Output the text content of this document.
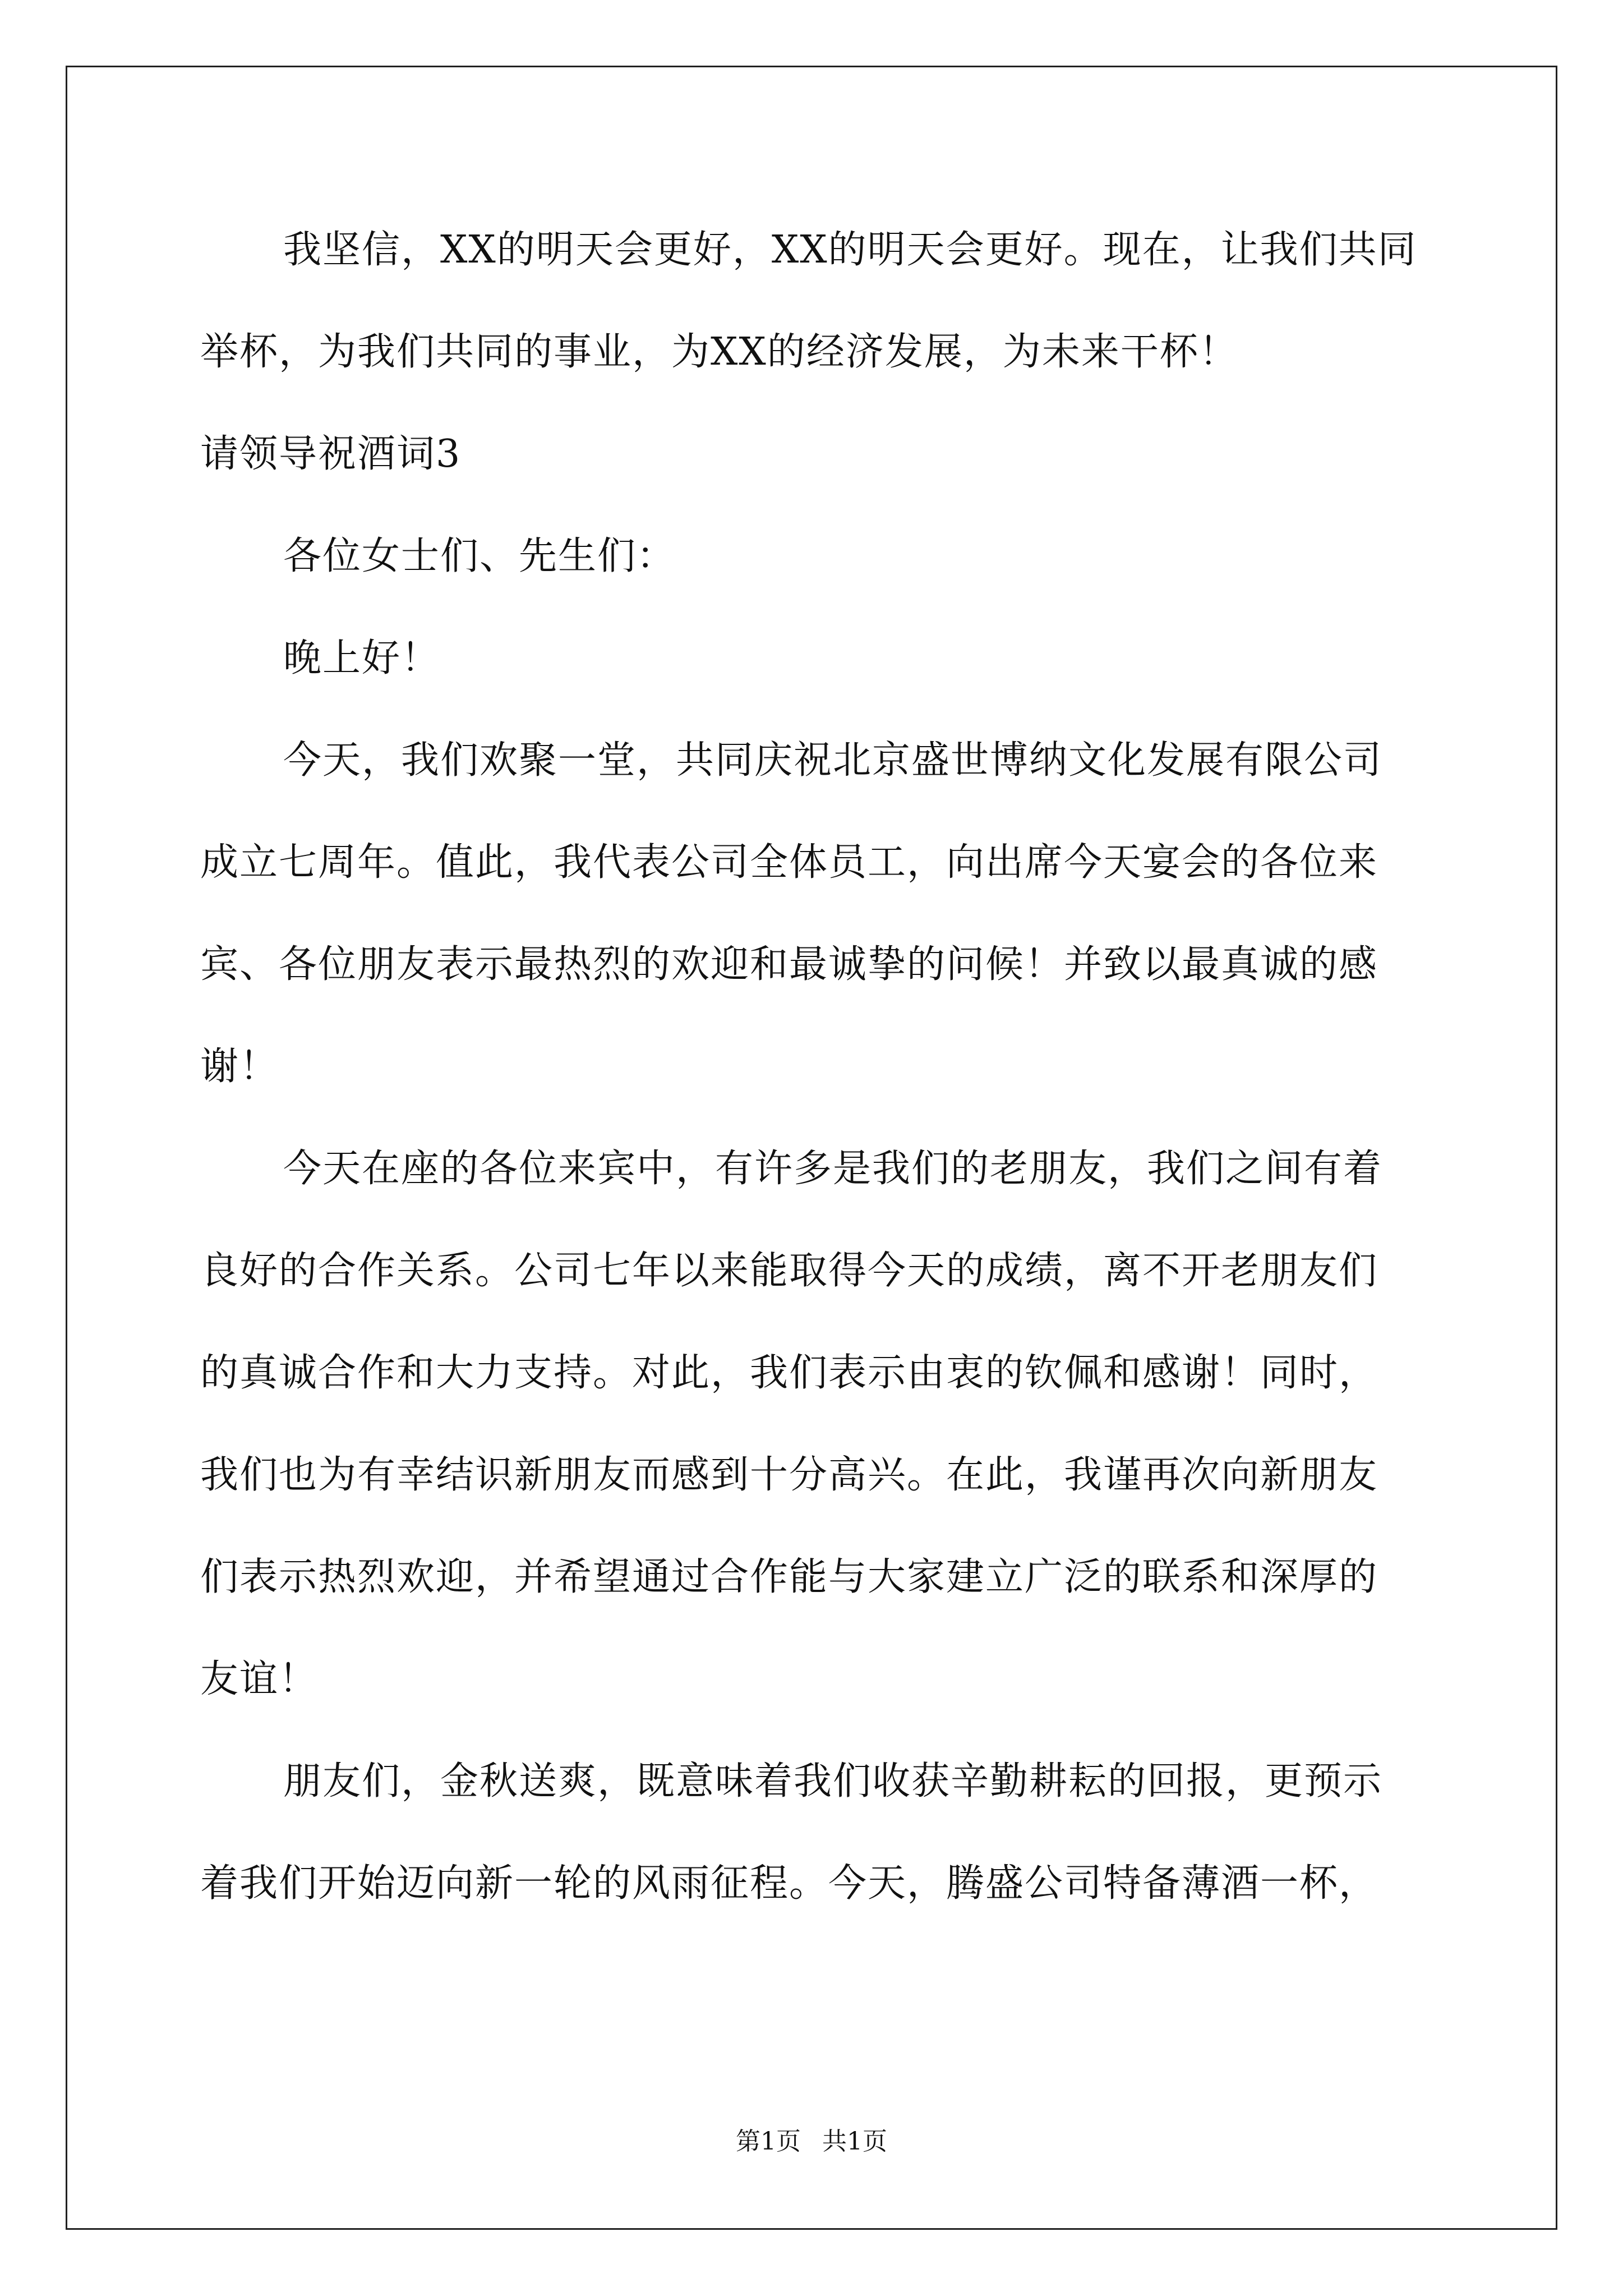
我坚信，XX的明天会更好，XX的明天会更好。现在，让我们共同

举杯，为我们共同的事业，为XX的经济发展，为未来干杯！

请领导祝酒词3

各位女士们、先生们：

晚上好！

今天，我们欢聚一堂，共同庆祝北京盛世博纳文化发展有限公司

成立七周年。值此，我代表公司全体员工，向出席今天宴会的各位来

宾、各位朋友表示最热烈的欢迎和最诚挚的问候！并致以最真诚的感

谢！

今天在座的各位来宾中，有许多是我们的老朋友，我们之间有着

良好的合作关系。公司七年以来能取得今天的成绩，离不开老朋友们

的真诚合作和大力支持。对此，我们表示由衷的钦佩和感谢！同时，

我们也为有幸结识新朋友而感到十分高兴。在此，我谨再次向新朋友

们表示热烈欢迎，并希望通过合作能与大家建立广泛的联系和深厚的

友谊！

朋友们，金秋送爽，既意味着我们收获辛勤耕耘的回报，更预示

着我们开始迈向新一轮的风雨征程。今天，腾盛公司特备薄酒一杯，

第1页 共1页
